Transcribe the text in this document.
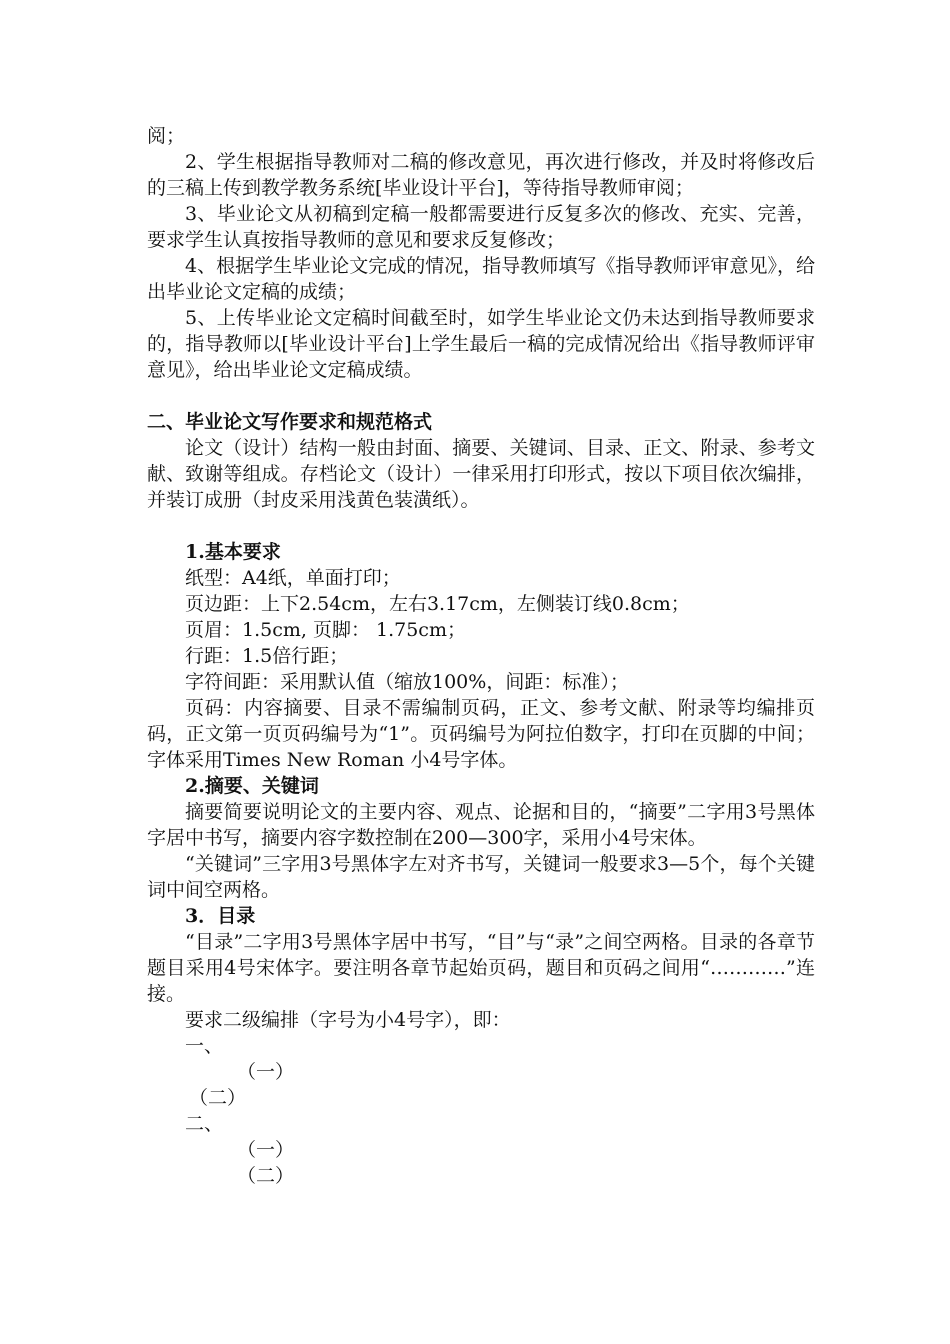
阅；

2、学生根据指导教师对二稿的修改意见，再次进行修改，并及时将修改后的三稿上传到教学教务系统[毕业设计平台]，等待指导教师审阅；

3、毕业论文从初稿到定稿一般都需要进行反复多次的修改、充实、完善，要求学生认真按指导教师的意见和要求反复修改；

4、根据学生毕业论文完成的情况，指导教师填写《指导教师评审意见》，给出毕业论文定稿的成绩；

5、上传毕业论文定稿时间截至时，如学生毕业论文仍未达到指导教师要求的，指导教师以[毕业设计平台]上学生最后一稿的完成情况给出《指导教师评审意见》，给出毕业论文定稿成绩。

二、毕业论文写作要求和规范格式

论文（设计）结构一般由封面、摘要、关键词、目录、正文、附录、参考文献、致谢等组成。存档论文（设计）一律采用打印形式，按以下项目依次编排，并装订成册（封皮采用浅黄色装潢纸）。

1.基本要求

纸型：A4纸，单面打印；

页边距：上下2.54cm，左右3.17cm，左侧装订线0.8cm；

页眉：1.5cm, 页脚： 1.75cm；

行距：1.5倍行距；

字符间距：采用默认值（缩放100%，间距：标准）；

页码：内容摘要、目录不需编制页码，正文、参考文献、附录等均编排页码，正文第一页页码编号为“1”。页码编号为阿拉伯数字，打印在页脚的中间；字体采用Times New Roman 小4号字体。

2.摘要、关键词

摘要简要说明论文的主要内容、观点、论据和目的，“摘要”二字用3号黑体字居中书写，摘要内容字数控制在200—300字，采用小4号宋体。

“关键词”三字用3号黑体字左对齐书写，关键词一般要求3—5个，每个关键词中间空两格。

3．目录

“目录”二字用3号黑体字居中书写，“目”与“录”之间空两格。目录的各章节题目采用4号宋体字。要注明各章节起始页码，题目和页码之间用“…………”连接。

要求二级编排（字号为小4号字），即：

一、

（一）

（二）

二、

（一）

（二）
